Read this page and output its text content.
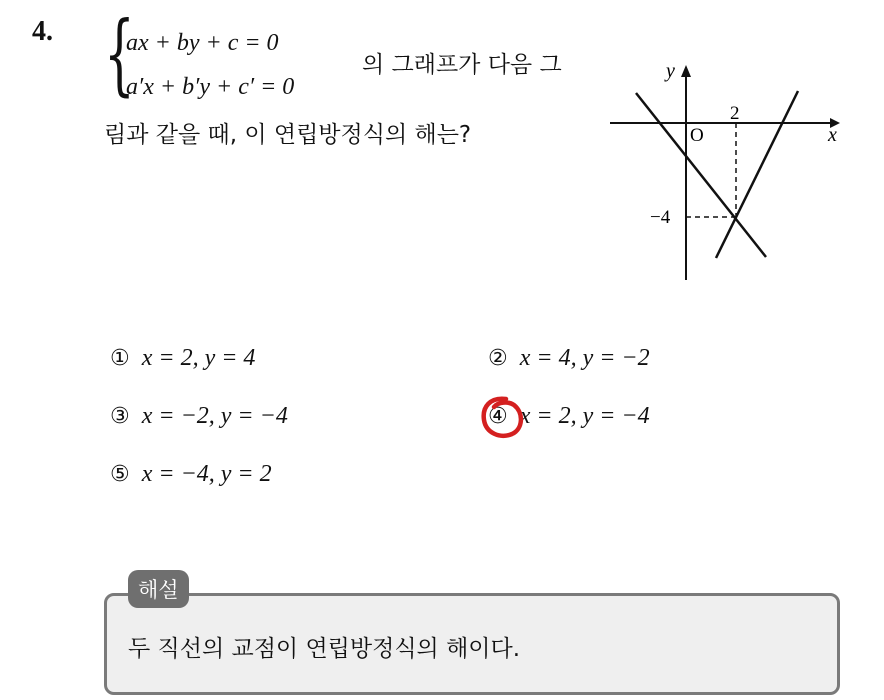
4. {
ax + by + c = 0
a′x + b′y + c′ = 0
의 그래프가 다음 그
림과 같을 때, 이 연립방정식의 해는?
y
x
O
2
−4
① x = 2, y = 4	② x = 4, y = −2
③ x = −2, y = −4	④ x = 2, y = −4
⑤ x = −4, y = 2
해설
두 직선의 교점이 연립방정식의 해이다.
